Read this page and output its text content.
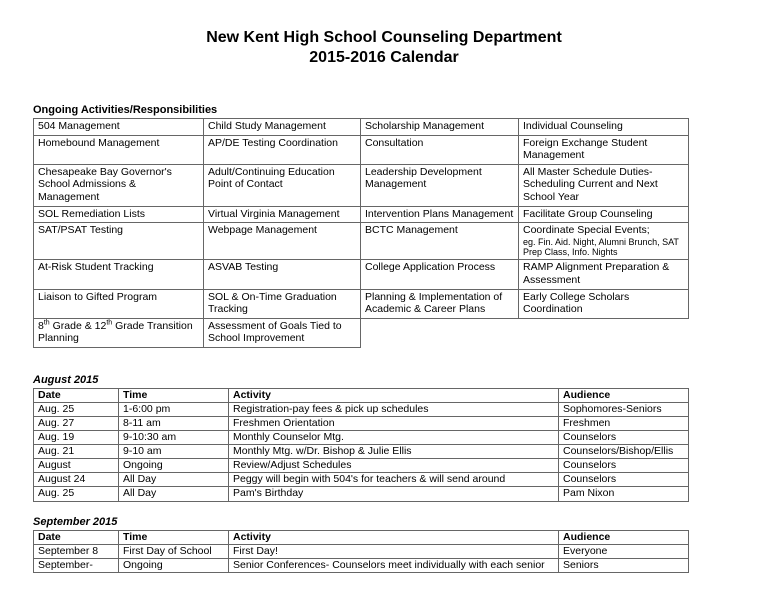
New Kent High School Counseling Department
2015-2016 Calendar
Ongoing Activities/Responsibilities
504 Management	Child Study Management	Scholarship Management	Individual Counseling
Homebound Management	AP/DE Testing Coordination	Consultation	Foreign Exchange Student Management
Chesapeake Bay Governor's School Admissions & Management	Adult/Continuing Education Point of Contact	Leadership Development Management	All Master Schedule Duties- Scheduling Current and Next School Year
SOL Remediation Lists	Virtual Virginia Management	Intervention Plans Management	Facilitate Group Counseling
SAT/PSAT Testing	Webpage Management	BCTC Management	Coordinate Special Events;
eg. Fin. Aid. Night, Alumni Brunch, SAT Prep Class, Info. Nights

At-Risk Student Tracking	ASVAB Testing	College Application Process	RAMP Alignment Preparation & Assessment
Liaison to Gifted Program	SOL & On-Time Graduation Tracking	Planning & Implementation of Academic & Career Plans	Early College Scholars Coordination
8th Grade & 12th Grade Transition Planning	Assessment of Goals Tied to School Improvement		
August 2015
Date	Time	Activity	Audience
Aug. 25	1-6:00 pm	Registration-pay fees & pick up schedules	Sophomores-Seniors
Aug. 27	8-11 am	Freshmen Orientation	Freshmen
Aug. 19	9-10:30 am	Monthly Counselor Mtg.	Counselors
Aug. 21	9-10 am	Monthly Mtg. w/Dr. Bishop & Julie Ellis	Counselors/Bishop/Ellis
August	Ongoing	Review/Adjust Schedules	Counselors
August 24	All Day	Peggy will begin with 504's for teachers & will send around	Counselors
Aug. 25	All Day	Pam's Birthday	Pam Nixon
September 2015
Date	Time	Activity	Audience
September 8	First Day of School	First Day!	Everyone
September-	Ongoing	Senior Conferences- Counselors meet individually with each senior	Seniors
